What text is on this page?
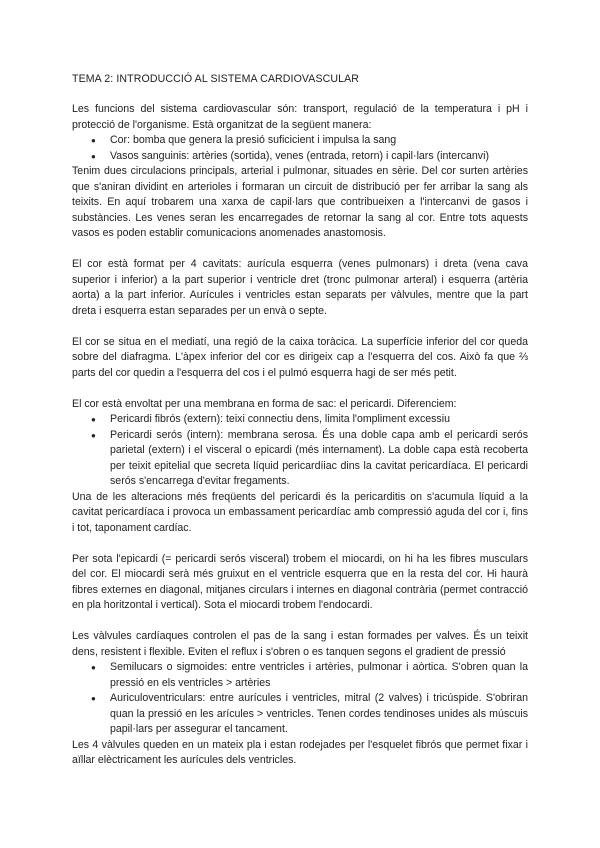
TEMA 2: INTRODUCCIÓ AL SISTEMA CARDIOVASCULAR

Les funcions del sistema cardiovascular són: transport, regulació de la temperatura i pH i protecció de l'organisme. Està organitzat de la següent manera:

● Cor: bomba que genera la presió suficicient i impulsa la sang
● Vasos sanguinis: artèries (sortida), venes (entrada, retorn) i capil·lars (intercanvi)

Tenim dues circulacions principals, arterial i pulmonar, situades en sèrie. Del cor surten artèries que s'aniran dividint en arterioles i formaran un circuit de distribució per fer arribar la sang als teixits. En aquí trobarem una xarxa de capil·lars que contribueixen a l'intercanvi de gasos i substàncies. Les venes seran les encarregades de retornar la sang al cor. Entre tots aquests vasos es poden establir comunicacions anomenades anastomosis.

El cor està format per 4 cavitats: aurícula esquerra (venes pulmonars) i dreta (vena cava superior i inferior) a la part superior i ventricle dret (tronc pulmonar arteral) i esquerra (artèria aorta) a la part inferior. Aurícules i ventricles estan separats per vàlvules, mentre que la part dreta i esquerra estan separades per un envà o septe.

El cor se situa en el mediatí, una regió de la caixa toràcica. La superfície inferior del cor queda sobre del diafragma. L'àpex inferior del cor es dirigeix cap a l'esquerra del cos. Això fa que ⅔ parts del cor quedin a l'esquerra del cos i el pulmó esquerra hagi de ser més petit.

El cor està envoltat per una membrana en forma de sac: el pericardi. Diferenciem:

● Pericardi fibrós (extern): teixi connectiu dens, limita l'ompliment excessiu
● Pericardi serós (intern): membrana serosa. És una doble capa amb el pericardi serós parietal (extern) i el visceral o epicardi (més internament). La doble capa està recoberta per teixit epitelial que secreta líquid pericardíiac dins la cavitat pericardíaca. El pericardi serós s'encarrega d'evitar fregaments.

Una de les alteracions més freqüents del pericardi és la pericarditis on s'acumula líquid a la cavitat pericardíaca i provoca un embassament pericardíac amb compressió aguda del cor i, fins i tot, taponament cardíac.

Per sota l'epicardi (= pericardi serós visceral) trobem el miocardi, on hi ha les fibres musculars del cor. El miocardi serà més gruixut en el ventricle esquerra que en la resta del cor. Hi haurà fibres externes en diagonal, mitjanes circulars i internes en diagonal contrària (permet contracció en pla horitzontal i vertical). Sota el miocardi trobem l'endocardi.

Les vàlvules cardíaques controlen el pas de la sang i estan formades per valves. És un teixit dens, resistent i flexible. Eviten el reflux i s'obren o es tanquen segons el gradient de pressió

● Semilucars o sigmoides: entre ventricles i artèries, pulmonar i aòrtica. S'obren quan la pressió en els ventricles > artèries
● Auriculoventriculars: entre aurícules i ventricles, mitral (2 valves) i tricúspide. S'obriran quan la pressió en les arícules > ventricles. Tenen cordes tendinoses unides als múscuis papil·lars per assegurar el tancament.

Les 4 vàlvules queden en un mateix pla i estan rodejades per l'esquelet fibrós que permet fixar i aïllar elèctricament les aurícules dels ventricles.
